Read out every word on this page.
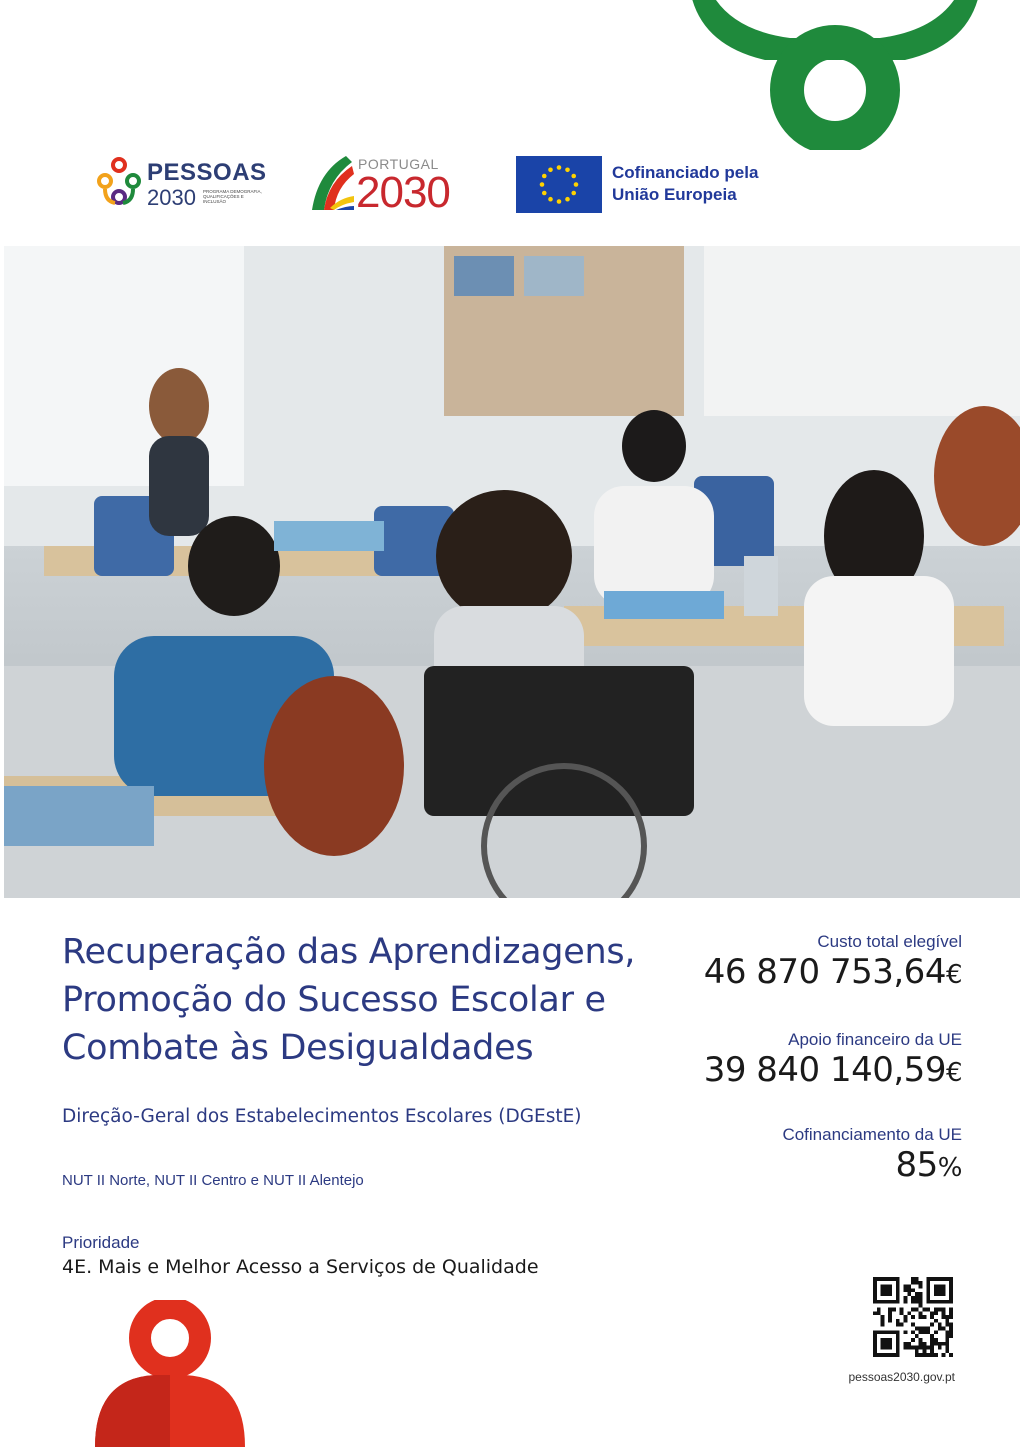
PESSOAS
2030 PROGRAMA DEMOGRAFIA, QUALIFICAÇÕES E INCLUSÃO
PORTUGAL
2030	Cofinanciado pela
União Europeia
Recuperação das Aprendizagens,
Promoção do Sucesso Escolar e
Combate às Desigualdades
Direção-Geral dos Estabelecimentos Escolares (DGEstE)
NUT II Norte, NUT II Centro e NUT II Alentejo
Prioridade
4E. Mais e Melhor Acesso a Serviços de Qualidade
Custo total elegível
46 870 753,64€
Apoio financeiro da UE
39 840 140,59€
Cofinanciamento da UE
85%
pessoas2030.gov.pt
